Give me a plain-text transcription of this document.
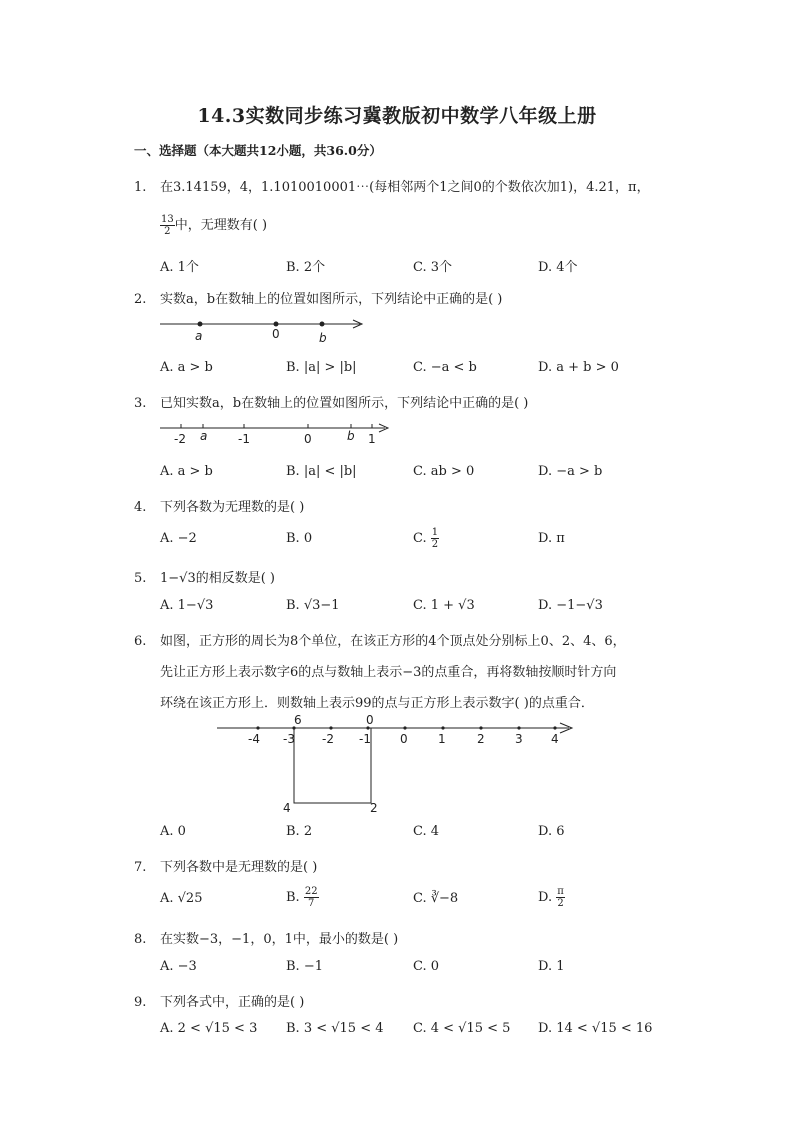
14.3实数同步练习冀教版初中数学八年级上册
一、选择题（本大题共12小题，共36.0分）
1. 在3.14159，4，1.1010010001⋯(每相邻两个1之间0的个数依次加1)，4.21，π，
$\frac{13}{2}$ 中，无理数有( )
A. 1个	B. 2个	C. 3个	D. 4个
2. 实数a，b在数轴上的位置如图所示，下列结论中正确的是( )
a	0	b
A. a > b	B. |a| > |b|	C. −a < b	D. a + b > 0
3. 已知实数a，b在数轴上的位置如图所示，下列结论中正确的是( )
-2 a	-1	0	b 1
A. a > b	B. |a| < |b|	C. ab > 0	D. −a > b
4. 下列各数为无理数的是( )
A. −2	B. 0	C. $\frac{1}{2}$	D. π
5. 1−√3的相反数是( )
A. 1−√3	B. √3−1	C. 1 + √3	D. −1−√3
6. 如图，正方形的周长为8个单位，在该正方形的4个顶点处分别标上0、2、4、6，
先让正方形上表示数字6的点与数轴上表示−3的点重合，再将数轴按顺时针方向
环绕在该正方形上．则数轴上表示99的点与正方形上表示数字( )的点重合．
-4 -3 -2 -1 0	1	2	3 4
6	0
4	2
A. 0	B. 2	C. 4	D. 6
7. 下列各数中是无理数的是( )
A. √25	B. $\frac{22}{7}$	C. ∛−8	D. $\frac{\pi}{2}$
8. 在实数−3，−1，0，1中，最小的数是( )
A. −3	B. −1	C. 0	D. 1
9. 下列各式中，正确的是( )
A. 2 < √15 < 3 B. 3 < √15 < 4 C. 4 < √15 < 5 D. 14 < √15 < 16
